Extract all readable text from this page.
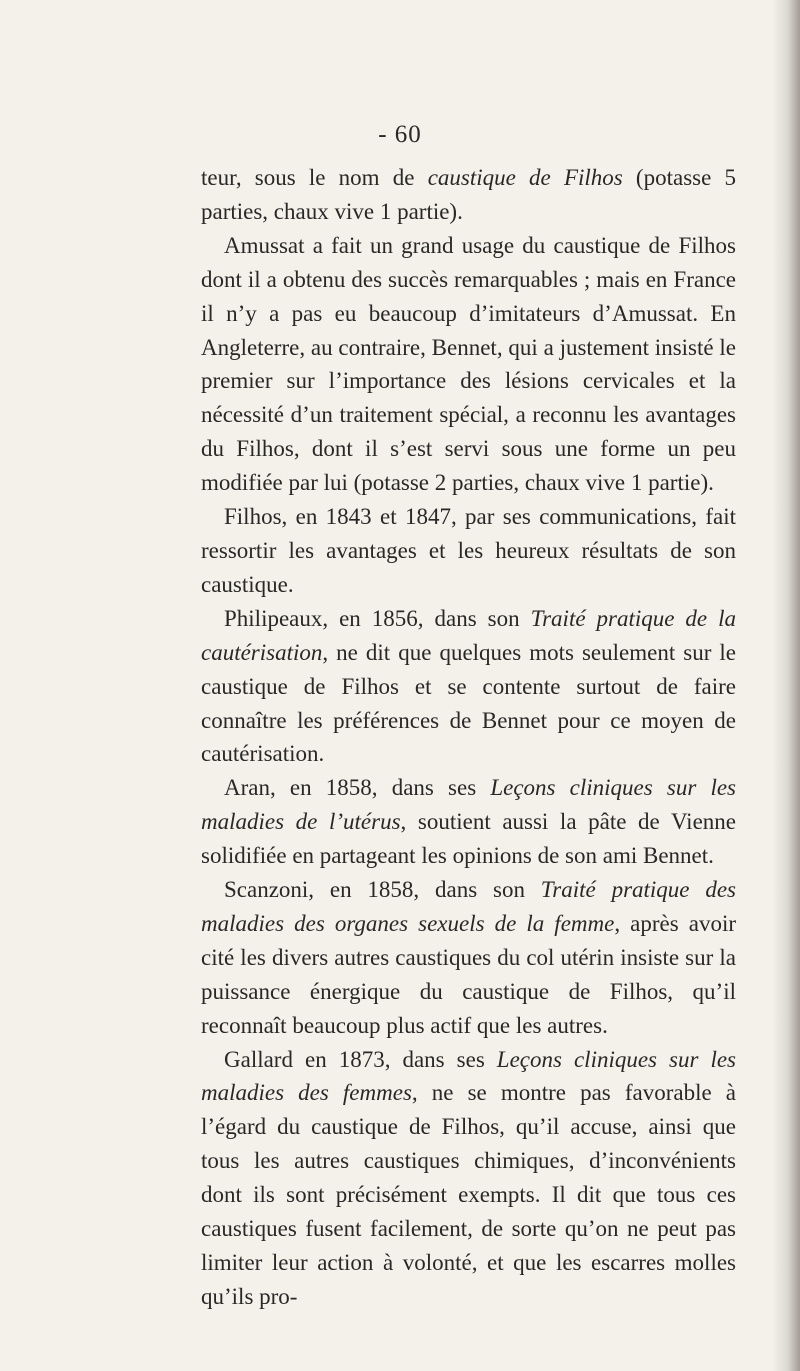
- 60

teur, sous le nom de caustique de Filhos (potasse 5 parties, chaux vive 1 partie).

Amussat a fait un grand usage du caustique de Filhos dont il a obtenu des succès remarquables ; mais en France il n’y a pas eu beaucoup d’imitateurs d’Amussat. En Angleterre, au contraire, Bennet, qui a justement insisté le premier sur l’importance des lésions cervicales et la nécessité d’un traitement spécial, a reconnu les avantages du Filhos, dont il s’est servi sous une forme un peu modifiée par lui (potasse 2 parties, chaux vive 1 partie).

Filhos, en 1843 et 1847, par ses communications, fait ressortir les avantages et les heureux résultats de son caustique.

Philipeaux, en 1856, dans son Traité pratique de la cautérisation, ne dit que quelques mots seulement sur le caustique de Filhos et se contente surtout de faire connaître les préférences de Bennet pour ce moyen de cautérisation.

Aran, en 1858, dans ses Leçons cliniques sur les maladies de l’utérus, soutient aussi la pâte de Vienne solidifiée en partageant les opinions de son ami Bennet.

Scanzoni, en 1858, dans son Traité pratique des maladies des organes sexuels de la femme, après avoir cité les divers autres caustiques du col utérin insiste sur la puissance énergique du caustique de Filhos, qu’il reconnaît beaucoup plus actif que les autres.

Gallard en 1873, dans ses Leçons cliniques sur les maladies des femmes, ne se montre pas favorable à l’égard du caustique de Filhos, qu’il accuse, ainsi que tous les autres caustiques chimiques, d’inconvénients dont ils sont précisément exempts. Il dit que tous ces caustiques fusent facilement, de sorte qu’on ne peut pas limiter leur action à volonté, et que les escarres molles qu’ils pro-
